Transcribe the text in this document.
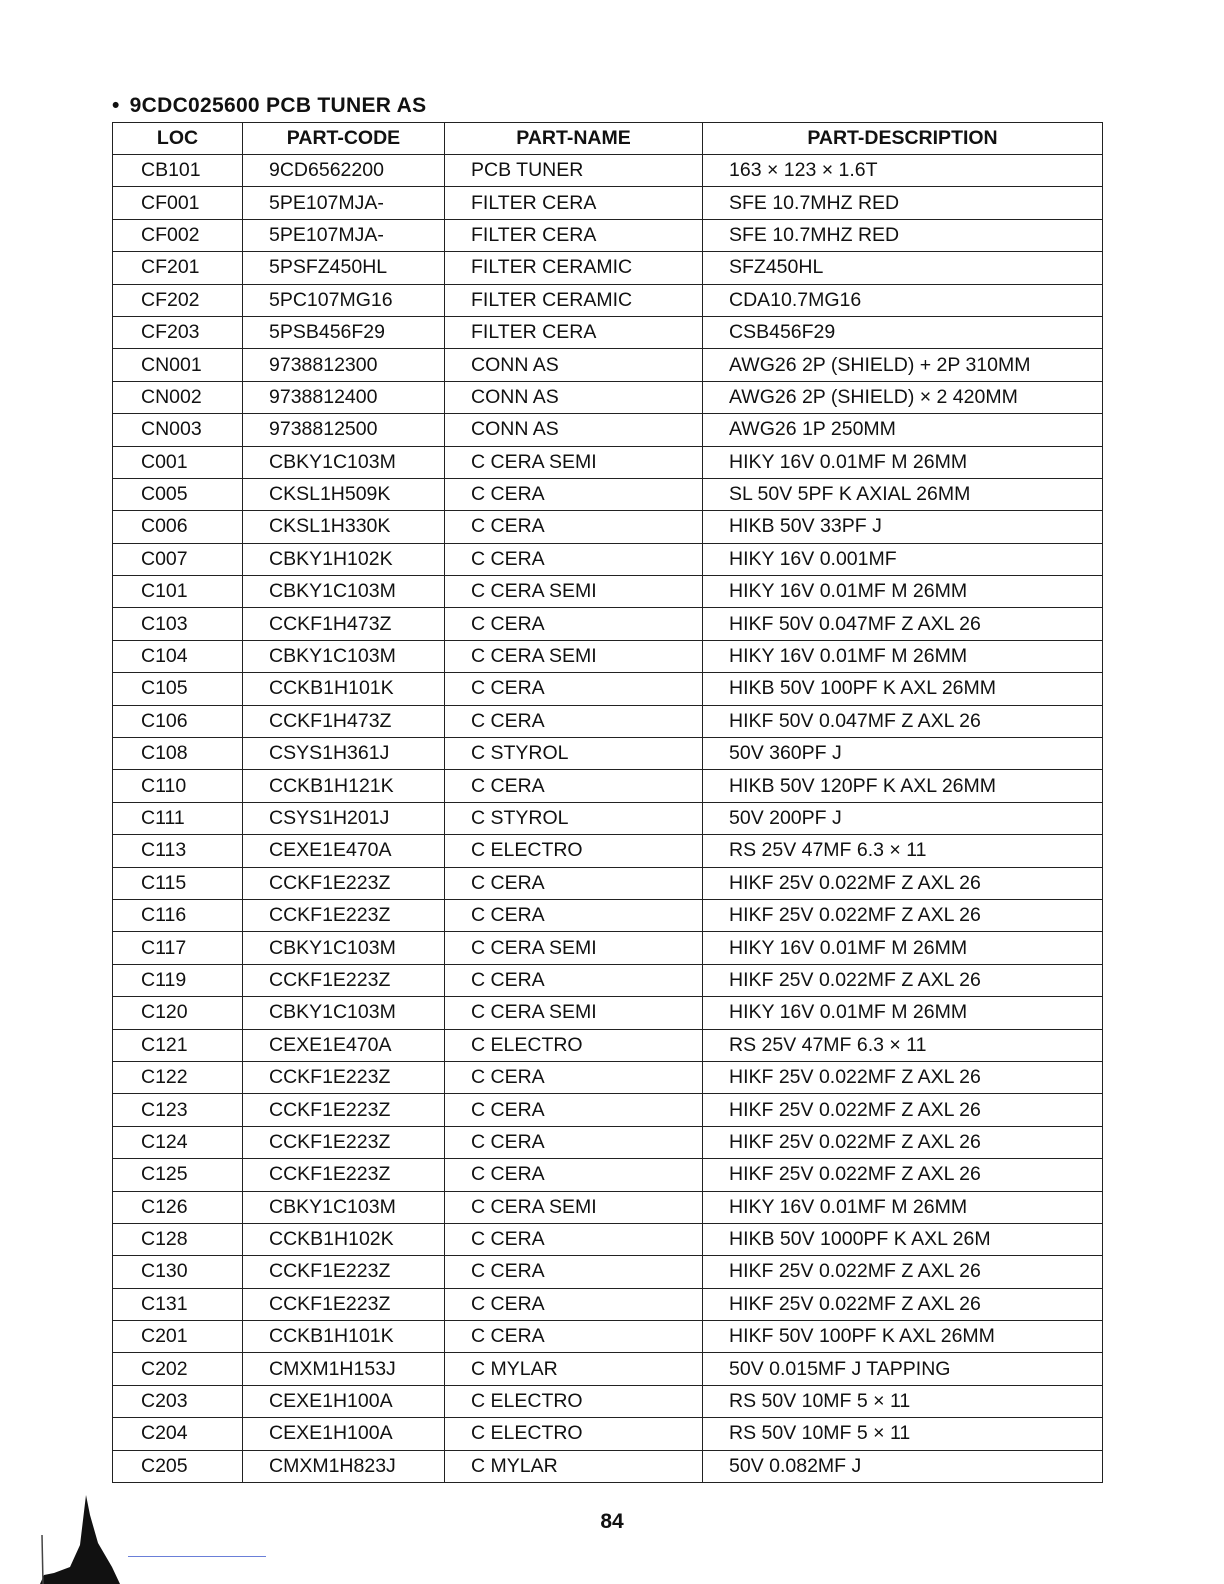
• 9CDC025600 PCB TUNER AS
LOC	PART-CODE	PART-NAME	PART-DESCRIPTION
CB101	9CD6562200	PCB TUNER	163 × 123 × 1.6T
CF001	5PE107MJA-	FILTER CERA	SFE 10.7MHZ RED
CF002	5PE107MJA-	FILTER CERA	SFE 10.7MHZ RED
CF201	5PSFZ450HL	FILTER CERAMIC	SFZ450HL
CF202	5PC107MG16	FILTER CERAMIC	CDA10.7MG16
CF203	5PSB456F29	FILTER CERA	CSB456F29
CN001	9738812300	CONN AS	AWG26 2P (SHIELD) + 2P 310MM
CN002	9738812400	CONN AS	AWG26 2P (SHIELD) × 2 420MM
CN003	9738812500	CONN AS	AWG26 1P 250MM
C001	CBKY1C103M	C CERA SEMI	HIKY 16V 0.01MF M 26MM
C005	CKSL1H509K	C CERA	SL 50V 5PF K AXIAL 26MM
C006	CKSL1H330K	C CERA	HIKB 50V 33PF J
C007	CBKY1H102K	C CERA	HIKY 16V 0.001MF
C101	CBKY1C103M	C CERA SEMI	HIKY 16V 0.01MF M 26MM
C103	CCKF1H473Z	C CERA	HIKF 50V 0.047MF Z AXL 26
C104	CBKY1C103M	C CERA SEMI	HIKY 16V 0.01MF M 26MM
C105	CCKB1H101K	C CERA	HIKB 50V 100PF K AXL 26MM
C106	CCKF1H473Z	C CERA	HIKF 50V 0.047MF Z AXL 26
C108	CSYS1H361J	C STYROL	50V 360PF J
C110	CCKB1H121K	C CERA	HIKB 50V 120PF K AXL 26MM
C111	CSYS1H201J	C STYROL	50V 200PF J
C113	CEXE1E470A	C ELECTRO	RS 25V 47MF 6.3 × 11
C115	CCKF1E223Z	C CERA	HIKF 25V 0.022MF Z AXL 26
C116	CCKF1E223Z	C CERA	HIKF 25V 0.022MF Z AXL 26
C117	CBKY1C103M	C CERA SEMI	HIKY 16V 0.01MF M 26MM
C119	CCKF1E223Z	C CERA	HIKF 25V 0.022MF Z AXL 26
C120	CBKY1C103M	C CERA SEMI	HIKY 16V 0.01MF M 26MM
C121	CEXE1E470A	C ELECTRO	RS 25V 47MF 6.3 × 11
C122	CCKF1E223Z	C CERA	HIKF 25V 0.022MF Z AXL 26
C123	CCKF1E223Z	C CERA	HIKF 25V 0.022MF Z AXL 26
C124	CCKF1E223Z	C CERA	HIKF 25V 0.022MF Z AXL 26
C125	CCKF1E223Z	C CERA	HIKF 25V 0.022MF Z AXL 26
C126	CBKY1C103M	C CERA SEMI	HIKY 16V 0.01MF M 26MM
C128	CCKB1H102K	C CERA	HIKB 50V 1000PF K AXL 26M
C130	CCKF1E223Z	C CERA	HIKF 25V 0.022MF Z AXL 26
C131	CCKF1E223Z	C CERA	HIKF 25V 0.022MF Z AXL 26
C201	CCKB1H101K	C CERA	HIKF 50V 100PF K AXL 26MM
C202	CMXM1H153J	C MYLAR	50V 0.015MF J TAPPING
C203	CEXE1H100A	C ELECTRO	RS 50V 10MF 5 × 11
C204	CEXE1H100A	C ELECTRO	RS 50V 10MF 5 × 11
C205	CMXM1H823J	C MYLAR	50V 0.082MF J
84
